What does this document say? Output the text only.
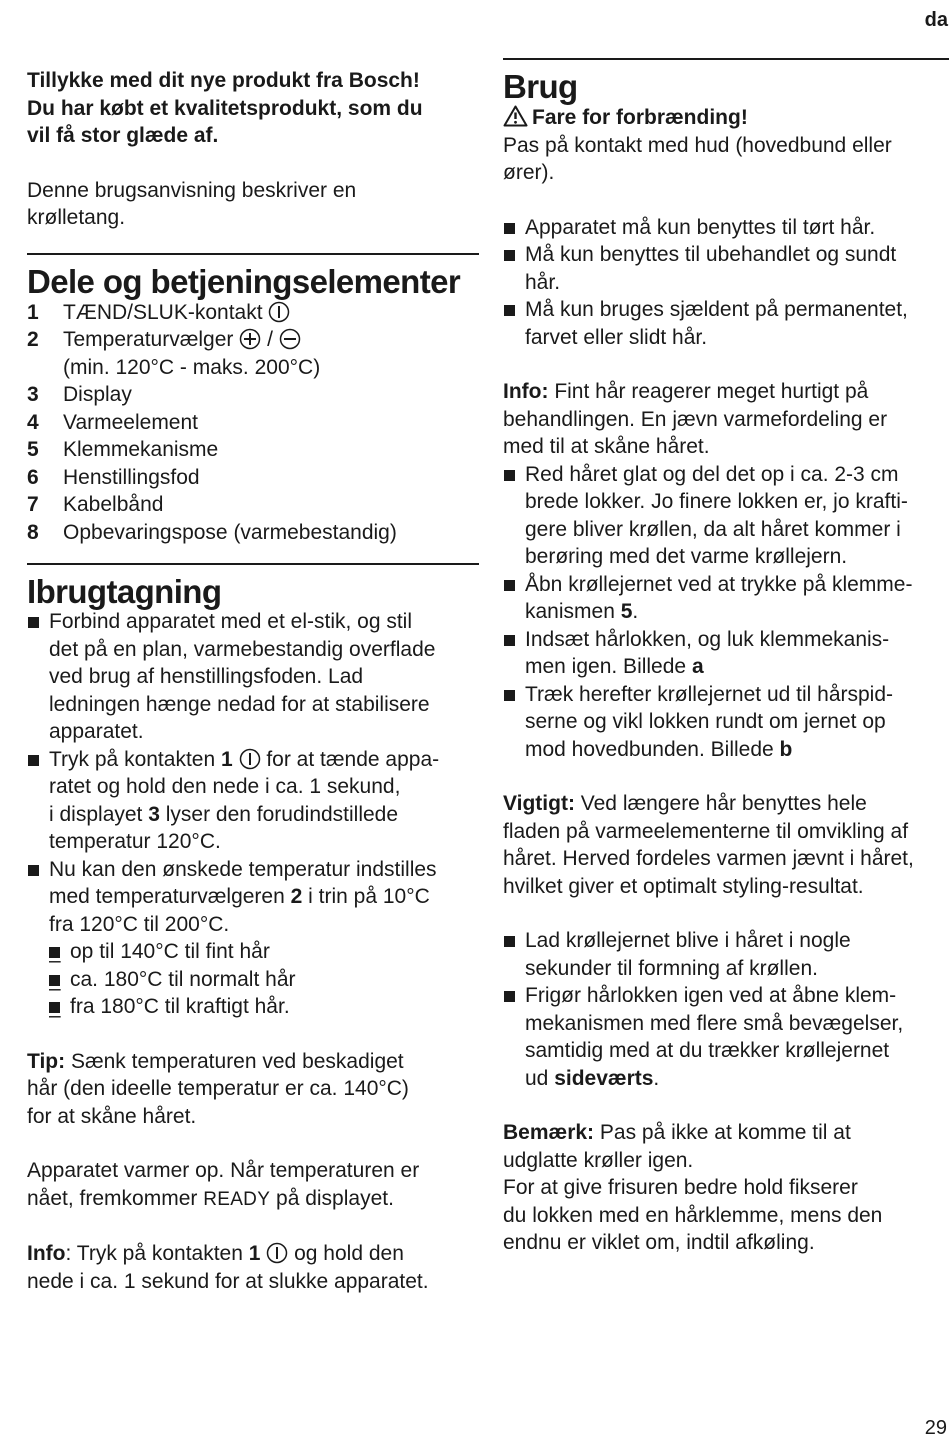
da

Tillykke med dit nye produkt fra Bosch!
Du har købt et kvalitetsprodukt, som du
vil få stor glæde af.

Denne brugsanvisning beskriver en
krølletang.

Dele og betjeningselementer
1 TÆND/SLUK-kontakt
2 Temperaturvælger /
(min. 120°C - maks. 200°C)
3 Display
4 Varmeelement
5 Klemmekanisme
6 Henstillingsfod
7 Kabelbånd
8 Opbevaringspose (varmebestandig)
Ibrugtagning
Forbind apparatet med et el-stik, og stil
det på en plan, varmebestandig overflade
ved brug af henstillingsfoden. Lad
ledningen hænge nedad for at stabilisere
apparatet.
Tryk på kontakten 1  for at tænde appa-
ratet og hold den nede i ca. 1 sekund,
i displayet 3 lyser den forudindstillede
temperatur 120°C.
Nu kan den ønskede temperatur indstilles
med temperaturvælgeren 2 i trin på 10°C
fra 120°C til 200°C.
– op til 140°C til fint hår
– ca. 180°C til normalt hår
– fra 180°C til kraftigt hår.

Tip: Sænk temperaturen ved beskadiget
hår (den ideelle temperatur er ca. 140°C)
for at skåne håret.

Apparatet varmer op. Når temperaturen er
nået, fremkommer READY på displayet.

Info: Tryk på kontakten 1  og hold den
nede i ca. 1 sekund for at slukke apparatet.

Brug

Fare for forbrænding!

Pas på kontakt med hud (hovedbund eller
ører).

Apparatet må kun benyttes til tørt hår.
Må kun benyttes til ubehandlet og sundt
hår.
Må kun bruges sjældent på permanentet,
farvet eller slidt hår.

Info: Fint hår reagerer meget hurtigt på
behandlingen. En jævn varmefordeling er
med til at skåne håret.

Red håret glat og del det op i ca. 2-3 cm
brede lokker. Jo finere lokken er, jo krafti-
gere bliver krøllen, da alt håret kommer i
berøring med det varme krøllejern.
Åbn krøllejernet ved at trykke på klemme-
kanismen 5.
Indsæt hårlokken, og luk klemmekanis-
men igen. Billede a
Træk herefter krøllejernet ud til hårspid-
serne og vikl lokken rundt om jernet op
mod hovedbunden. Billede b

Vigtigt: Ved længere hår benyttes hele
fladen på varmeelementerne til omvikling af
håret. Herved fordeles varmen jævnt i håret,
hvilket giver et optimalt styling-resultat.

Lad krøllejernet blive i håret i nogle
sekunder til formning af krøllen.
Frigør hårlokken igen ved at åbne klem-
mekanismen med flere små bevægelser,
samtidig med at du trækker krøllejernet
ud sideværts.

Bemærk: Pas på ikke at komme til at
udglatte krøller igen.
For at give frisuren bedre hold fikserer
du lokken med en hårklemme, mens den
endnu er viklet om, indtil afkøling.

29
